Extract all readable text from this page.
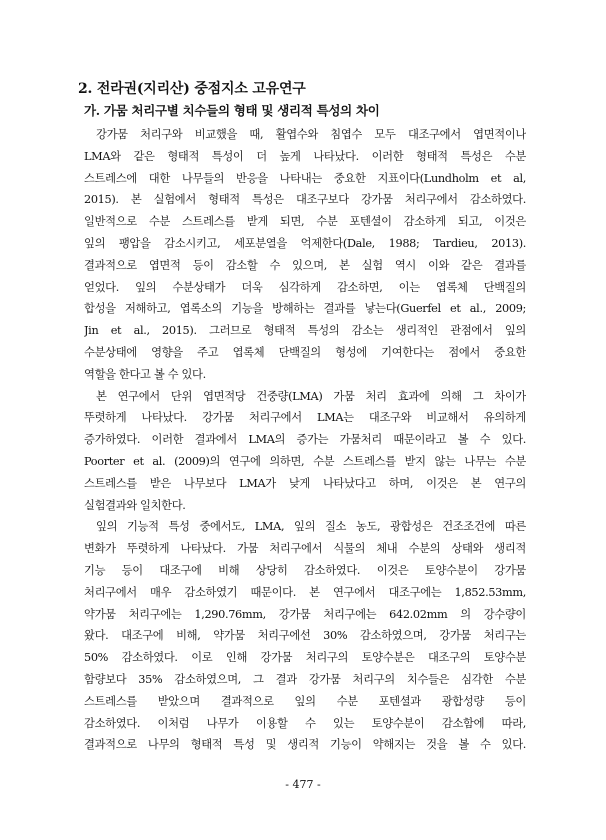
2. 전라권(지리산) 중점지소 고유연구
가. 가뭄 처리구별 치수들의 형태 및 생리적 특성의 차이
강가뭄 처리구와 비교했을 때, 활엽수와 침엽수 모두 대조구에서 엽면적이나
LMA와 같은 형태적 특성이 더 높게 나타났다. 이러한 형태적 특성은 수분
스트레스에 대한 나무들의 반응을 나타내는 중요한 지표이다(Lundholm et al,
2015). 본 실험에서 형태적 특성은 대조구보다 강가뭄 처리구에서 감소하였다.
일반적으로 수분 스트레스를 받게 되면, 수분 포텐셜이 감소하게 되고, 이것은
잎의 팽압을 감소시키고, 세포분열을 억제한다(Dale, 1988; Tardieu, 2013).
결과적으로 엽면적 등이 감소할 수 있으며, 본 실험 역시 이와 같은 결과를
얻었다. 잎의 수분상태가 더욱 심각하게 감소하면, 이는 엽록체 단백질의
합성을 저해하고, 엽록소의 기능을 방해하는 결과를 낳는다(Guerfel et al., 2009;
Jin et al., 2015). 그러므로 형태적 특성의 감소는 생리적인 관점에서 잎의
수분상태에 영향을 주고 엽록체 단백질의 형성에 기여한다는 점에서 중요한
역할을 한다고 볼 수 있다.
본 연구에서 단위 엽면적당 건중량(LMA) 가뭄 처리 효과에 의해 그 차이가
뚜렷하게 나타났다. 강가뭄 처리구에서 LMA는 대조구와 비교해서 유의하게
증가하였다. 이러한 결과에서 LMA의 증가는 가뭄처리 때문이라고 볼 수 있다.
Poorter et al. (2009)의 연구에 의하면, 수분 스트레스를 받지 않는 나무는 수분
스트레스를 받은 나무보다 LMA가 낮게 나타났다고 하며, 이것은 본 연구의
실험결과와 일치한다.
잎의 기능적 특성 중에서도, LMA, 잎의 질소 농도, 광합성은 건조조건에 따른
변화가 뚜렷하게 나타났다. 가뭄 처리구에서 식물의 체내 수분의 상태와 생리적
기능 등이 대조구에 비해 상당히 감소하였다. 이것은 토양수분이 강가뭄
처리구에서 매우 감소하였기 때문이다. 본 연구에서 대조구에는 1,852.53mm,
약가뭄 처리구에는 1,290.76mm, 강가뭄 처리구에는 642.02mm 의 강수량이
왔다. 대조구에 비해, 약가뭄 처리구에선 30% 감소하였으며, 강가뭄 처리구는
50% 감소하였다. 이로 인해 강가뭄 처리구의 토양수분은 대조구의 토양수분
함량보다 35% 감소하였으며, 그 결과 강가뭄 처리구의 치수들은 심각한 수분
스트레스를 받았으며 결과적으로 잎의 수분 포텐셜과 광합성량 등이
감소하였다. 이처럼 나무가 이용할 수 있는 토양수분이 감소함에 따라,
결과적으로 나무의 형태적 특성 및 생리적 기능이 약해지는 것을 볼 수 있다.
- 477 -
